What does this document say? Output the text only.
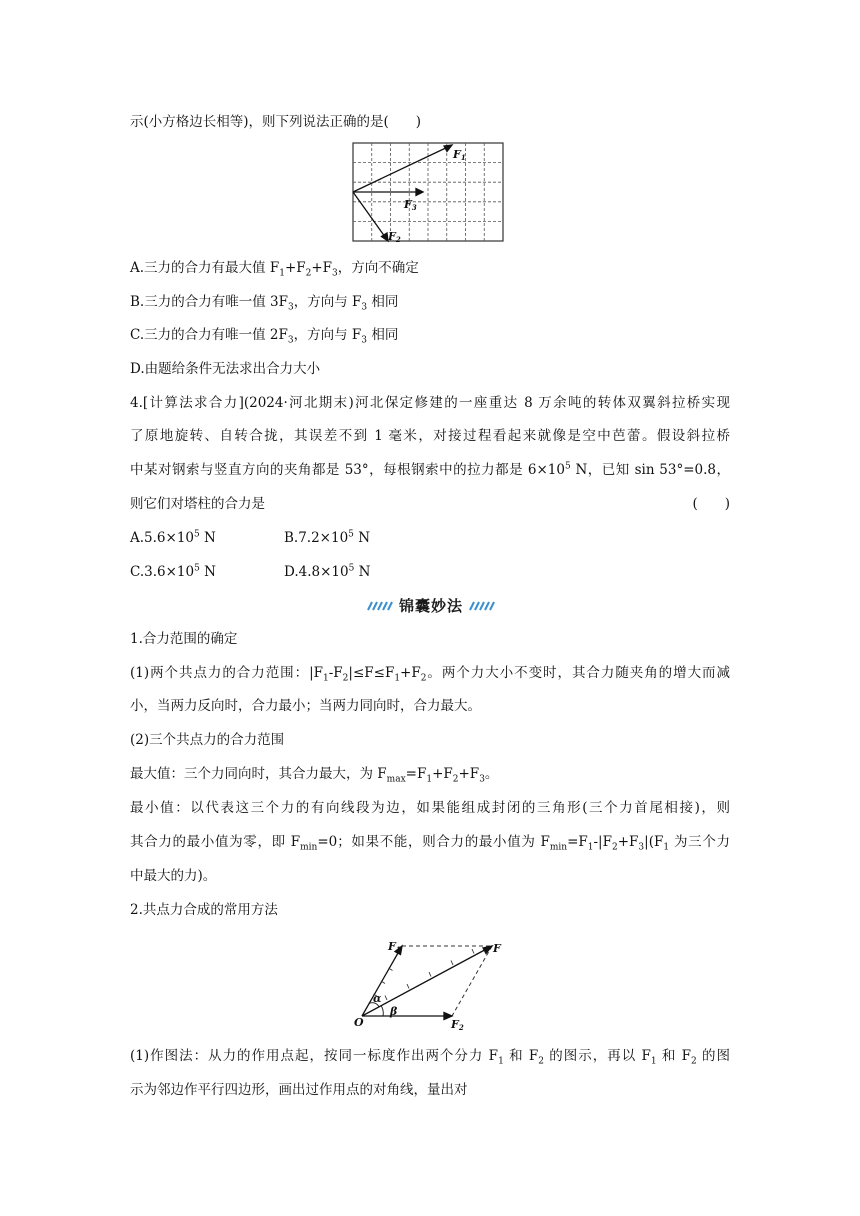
示(小方格边长相等)，则下列说法正确的是(　　)
F1
F3
F2
A.三力的合力有最大值 $F_1+F_2+F_3$，方向不确定
B.三力的合力有唯一值 $3F_3$，方向与 $F_3$ 相同
C.三力的合力有唯一值 $2F_3$，方向与 $F_3$ 相同
D.由题给条件无法求出合力大小
4.[计算法求合力](2024·河北期末)河北保定修建的一座重达 8 万余吨的转体双翼斜拉桥实现
了原地旋转、自转合拢，其误差不到 1 毫米，对接过程看起来就像是空中芭蕾。假设斜拉桥
中某对钢索与竖直方向的夹角都是 53°，每根钢索中的拉力都是 $6\times 10^5$ N，已知 sin 53°=0.8，
则它们对塔柱的合力是	(　　)
$A.5.6\times 10^5$ N	$B.7.2\times 10^5$ N
$C.3.6\times 10^5$ N	$D.4.8\times 10^5$ N
锦囊妙法
1.合力范围的确定
(1)两个共点力的合力范围：$|F_1-F_2|\le F\le F_1+F_2$。两个力大小不变时，其合力随夹角的增大而减
小，当两力反向时，合力最小；当两力同向时，合力最大。
(2)三个共点力的合力范围
最大值：三个力同向时，其合力最大，为 $F_{max}=F_1+F_2+F_3$。
最小值：以代表这三个力的有向线段为边，如果能组成封闭的三角形(三个力首尾相接)，则
其合力的最小值为零，即 $F_{min}=0$；如果不能，则合力的最小值为 $F_{min}=F_1-|F_2+F_3|(F_1$ 为三个力
中最大的力)。
2.共点力合成的常用方法
F1	F
α
β
O	F2
(1)作图法：从力的作用点起，按同一标度作出两个分力 $F_1$ 和 $F_2$ 的图示，再以 $F_1$ 和 $F_2$ 的图
示为邻边作平行四边形，画出过作用点的对角线，量出对
